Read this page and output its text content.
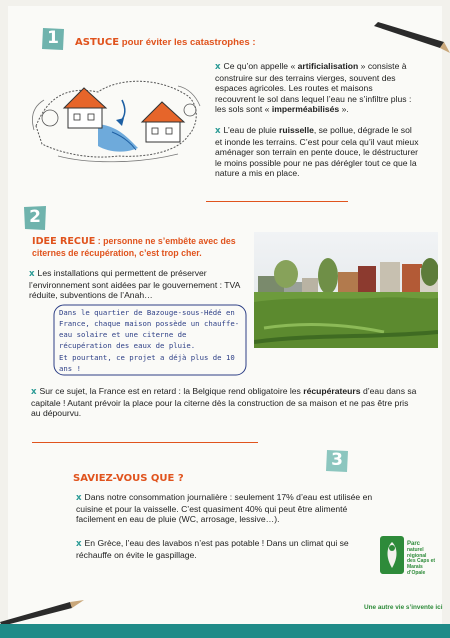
1	ASTUCE pour éviter les catastrophes :
x Ce qu’on appelle « artificialisation » consiste à construire sur des terrains vierges, souvent des espaces agricoles. Les routes et maisons recouvrent le sol dans lequel l’eau ne s’infiltre plus : les sols sont « imperméabilisés ».
x L’eau de pluie ruisselle, se pollue, dégrade le sol et inonde les terrains. C’est pour cela qu’il vaut mieux aménager son terrain en pente douce, le déstructurer le moins possible pour ne pas dérégler tout ce que la nature a mis en place.
2
IDEE RECUE : personne ne s’embête avec des citernes de récupération, c’est trop cher.
x Les installations qui permettent de préserver l’environnement sont aidées par le gouvernement : TVA réduite, subventions de l’Anah…
Dans le quartier de Bazouge-sous-Hédé en France, chaque maison possède un chauffe-eau solaire et une citerne de récupération des eaux de pluie.
Et pourtant, ce projet a déjà plus de 10 ans !
x Sur ce sujet, la France est en retard : la Belgique rend obligatoire les récupérateurs d’eau dans sa capitale ! Autant prévoir la place pour la citerne dès la construction de sa maison et ne pas être pris au dépourvu.
3
SAVIEZ-VOUS QUE ?
x Dans notre consommation journalière : seulement 17% d’eau est utilisée en cuisine et pour la vaisselle. C’est quasiment 40% qui peut être alimenté facilement en eau de pluie (WC, arrosage, lessive…).
x En Grèce, l’eau des lavabos n’est pas potable ! Dans un climat qui se réchauffe on évite le gaspillage.
Parc
naturel
régional
des Caps et
Marais d’Opale
Une autre vie s’invente ici
